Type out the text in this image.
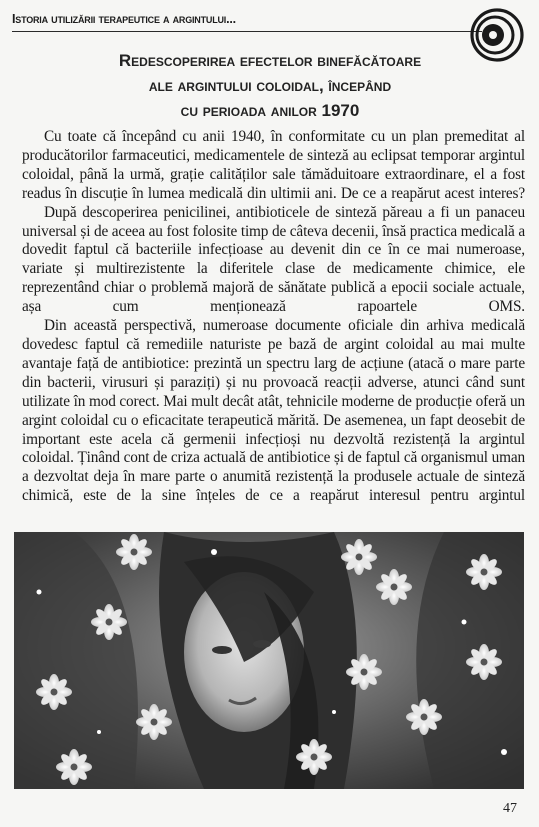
Istoria utilizării terapeutice a argintului...
Redescoperirea efectelor binefăcătoare
ale argintului coloidal, începând
cu perioada anilor 1970

Cu toate că începând cu anii 1940, în conformitate cu un plan premeditat al producătorilor farmaceutici, medicamentele de sinteză au eclipsat temporar argintul coloidal, până la urmă, grație calităților sale tămăduitoare extraordinare, el a fost readus în discuție în lumea medicală din ultimii ani. De ce a reapărut acest interes?

După descoperirea penicilinei, antibioticele de sinteză păreau a fi un panaceu universal și de aceea au fost folosite timp de câteva decenii, însă practica medicală a dovedit faptul că bacteriile infecțioase au devenit din ce în ce mai numeroase, variate și multirezistente la diferitele clase de medicamente chimice, ele reprezentând chiar o problemă majoră de sănătate publică a epocii sociale actuale, așa cum menționează rapoartele OMS.

Din această perspectivă, numeroase documente oficiale din arhiva medicală dovedesc faptul că remediile naturiste pe bază de argint coloidal au mai multe avantaje față de antibiotice: prezintă un spectru larg de acțiune (atacă o mare parte din bacterii, virusuri și paraziți) și nu provoacă reacții adverse, atunci când sunt utilizate în mod corect. Mai mult decât atât, tehnicile moderne de producție oferă un argint coloidal cu o eficacitate terapeutică mărită. De asemenea, un fapt deosebit de important este acela că germenii infecțioși nu dezvoltă rezistență la argintul coloidal. Ținând cont de criza actuală de antibiotice și de faptul că organismul uman a dezvoltat deja în mare parte o anumită rezistență la produsele actuale de sinteză chimică, este de la sine înțeles de ce a reapărut interesul pentru argintul

47
